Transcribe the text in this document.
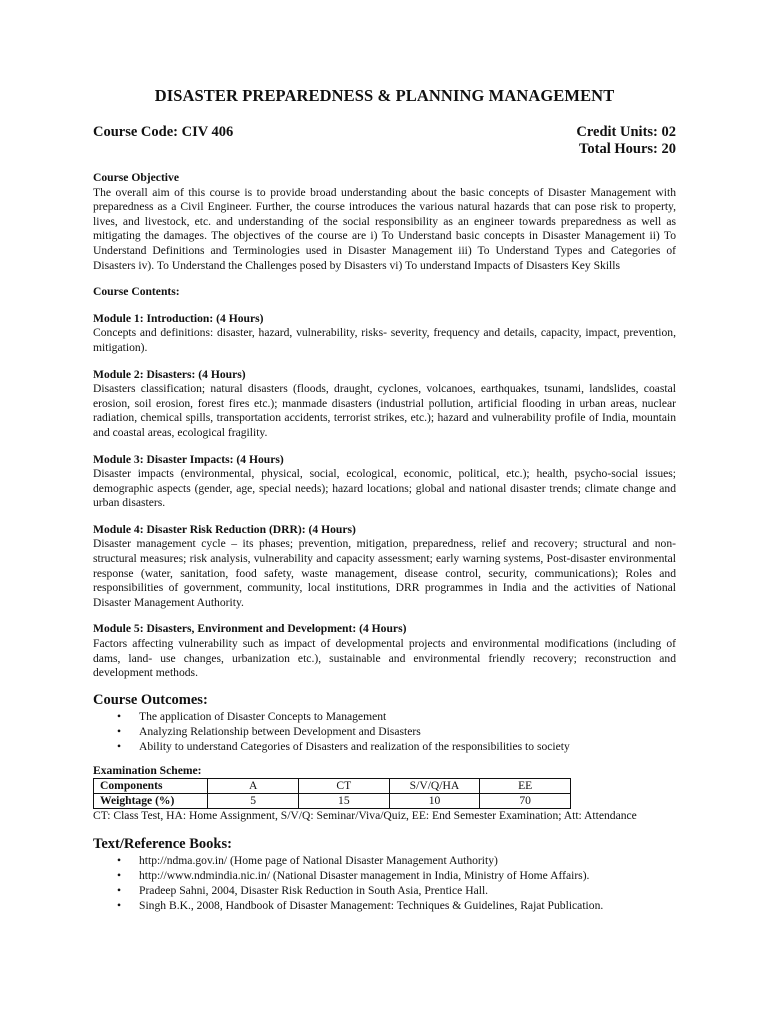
DISASTER PREPAREDNESS & PLANNING MANAGEMENT
Course Code: CIV 406	Credit Units: 02
Total Hours: 20
Course Objective
The overall aim of this course is to provide broad understanding about the basic concepts of Disaster Management with preparedness as a Civil Engineer. Further, the course introduces the various natural hazards that can pose risk to property, lives, and livestock, etc. and understanding of the social responsibility as an engineer towards preparedness as well as mitigating the damages. The objectives of the course are i) To Understand basic concepts in Disaster Management ii) To Understand Definitions and Terminologies used in Disaster Management iii) To Understand Types and Categories of Disasters iv). To Understand the Challenges posed by Disasters vi) To understand Impacts of Disasters Key Skills
Course Contents:
Module 1: Introduction: (4 Hours)
Concepts and definitions: disaster, hazard, vulnerability, risks- severity, frequency and details, capacity, impact, prevention, mitigation).
Module 2: Disasters: (4 Hours)
Disasters classification; natural disasters (floods, draught, cyclones, volcanoes, earthquakes, tsunami, landslides, coastal erosion, soil erosion, forest fires etc.); manmade disasters (industrial pollution, artificial flooding in urban areas, nuclear radiation, chemical spills, transportation accidents, terrorist strikes, etc.); hazard and vulnerability profile of India, mountain and coastal areas, ecological fragility.
Module 3: Disaster Impacts: (4 Hours)
Disaster impacts (environmental, physical, social, ecological, economic, political, etc.); health, psycho-social issues; demographic aspects (gender, age, special needs); hazard locations; global and national disaster trends; climate change and urban disasters.
Module 4: Disaster Risk Reduction (DRR): (4 Hours)
Disaster management cycle – its phases; prevention, mitigation, preparedness, relief and recovery; structural and non-structural measures; risk analysis, vulnerability and capacity assessment; early warning systems, Post-disaster environmental response (water, sanitation, food safety, waste management, disease control, security, communications); Roles and responsibilities of government, community, local institutions, DRR programmes in India and the activities of National Disaster Management Authority.
Module 5: Disasters, Environment and Development: (4 Hours)
Factors affecting vulnerability such as impact of developmental projects and environmental modifications (including of dams, land- use changes, urbanization etc.), sustainable and environmental friendly recovery; reconstruction and development methods.
Course Outcomes:
• The application of Disaster Concepts to Management
• Analyzing Relationship between Development and Disasters
• Ability to understand Categories of Disasters and realization of the responsibilities to society
Examination Scheme:
Components	A	CT	S/V/Q/HA	EE
Weightage (%)	5	15	10	70
CT: Class Test, HA: Home Assignment, S/V/Q: Seminar/Viva/Quiz, EE: End Semester Examination; Att: Attendance
Text/Reference Books:
• http://ndma.gov.in/ (Home page of National Disaster Management Authority)
• http://www.ndmindia.nic.in/ (National Disaster management in India, Ministry of Home Affairs).
• Pradeep Sahni, 2004, Disaster Risk Reduction in South Asia, Prentice Hall.
• Singh B.K., 2008, Handbook of Disaster Management: Techniques & Guidelines, Rajat Publication.
